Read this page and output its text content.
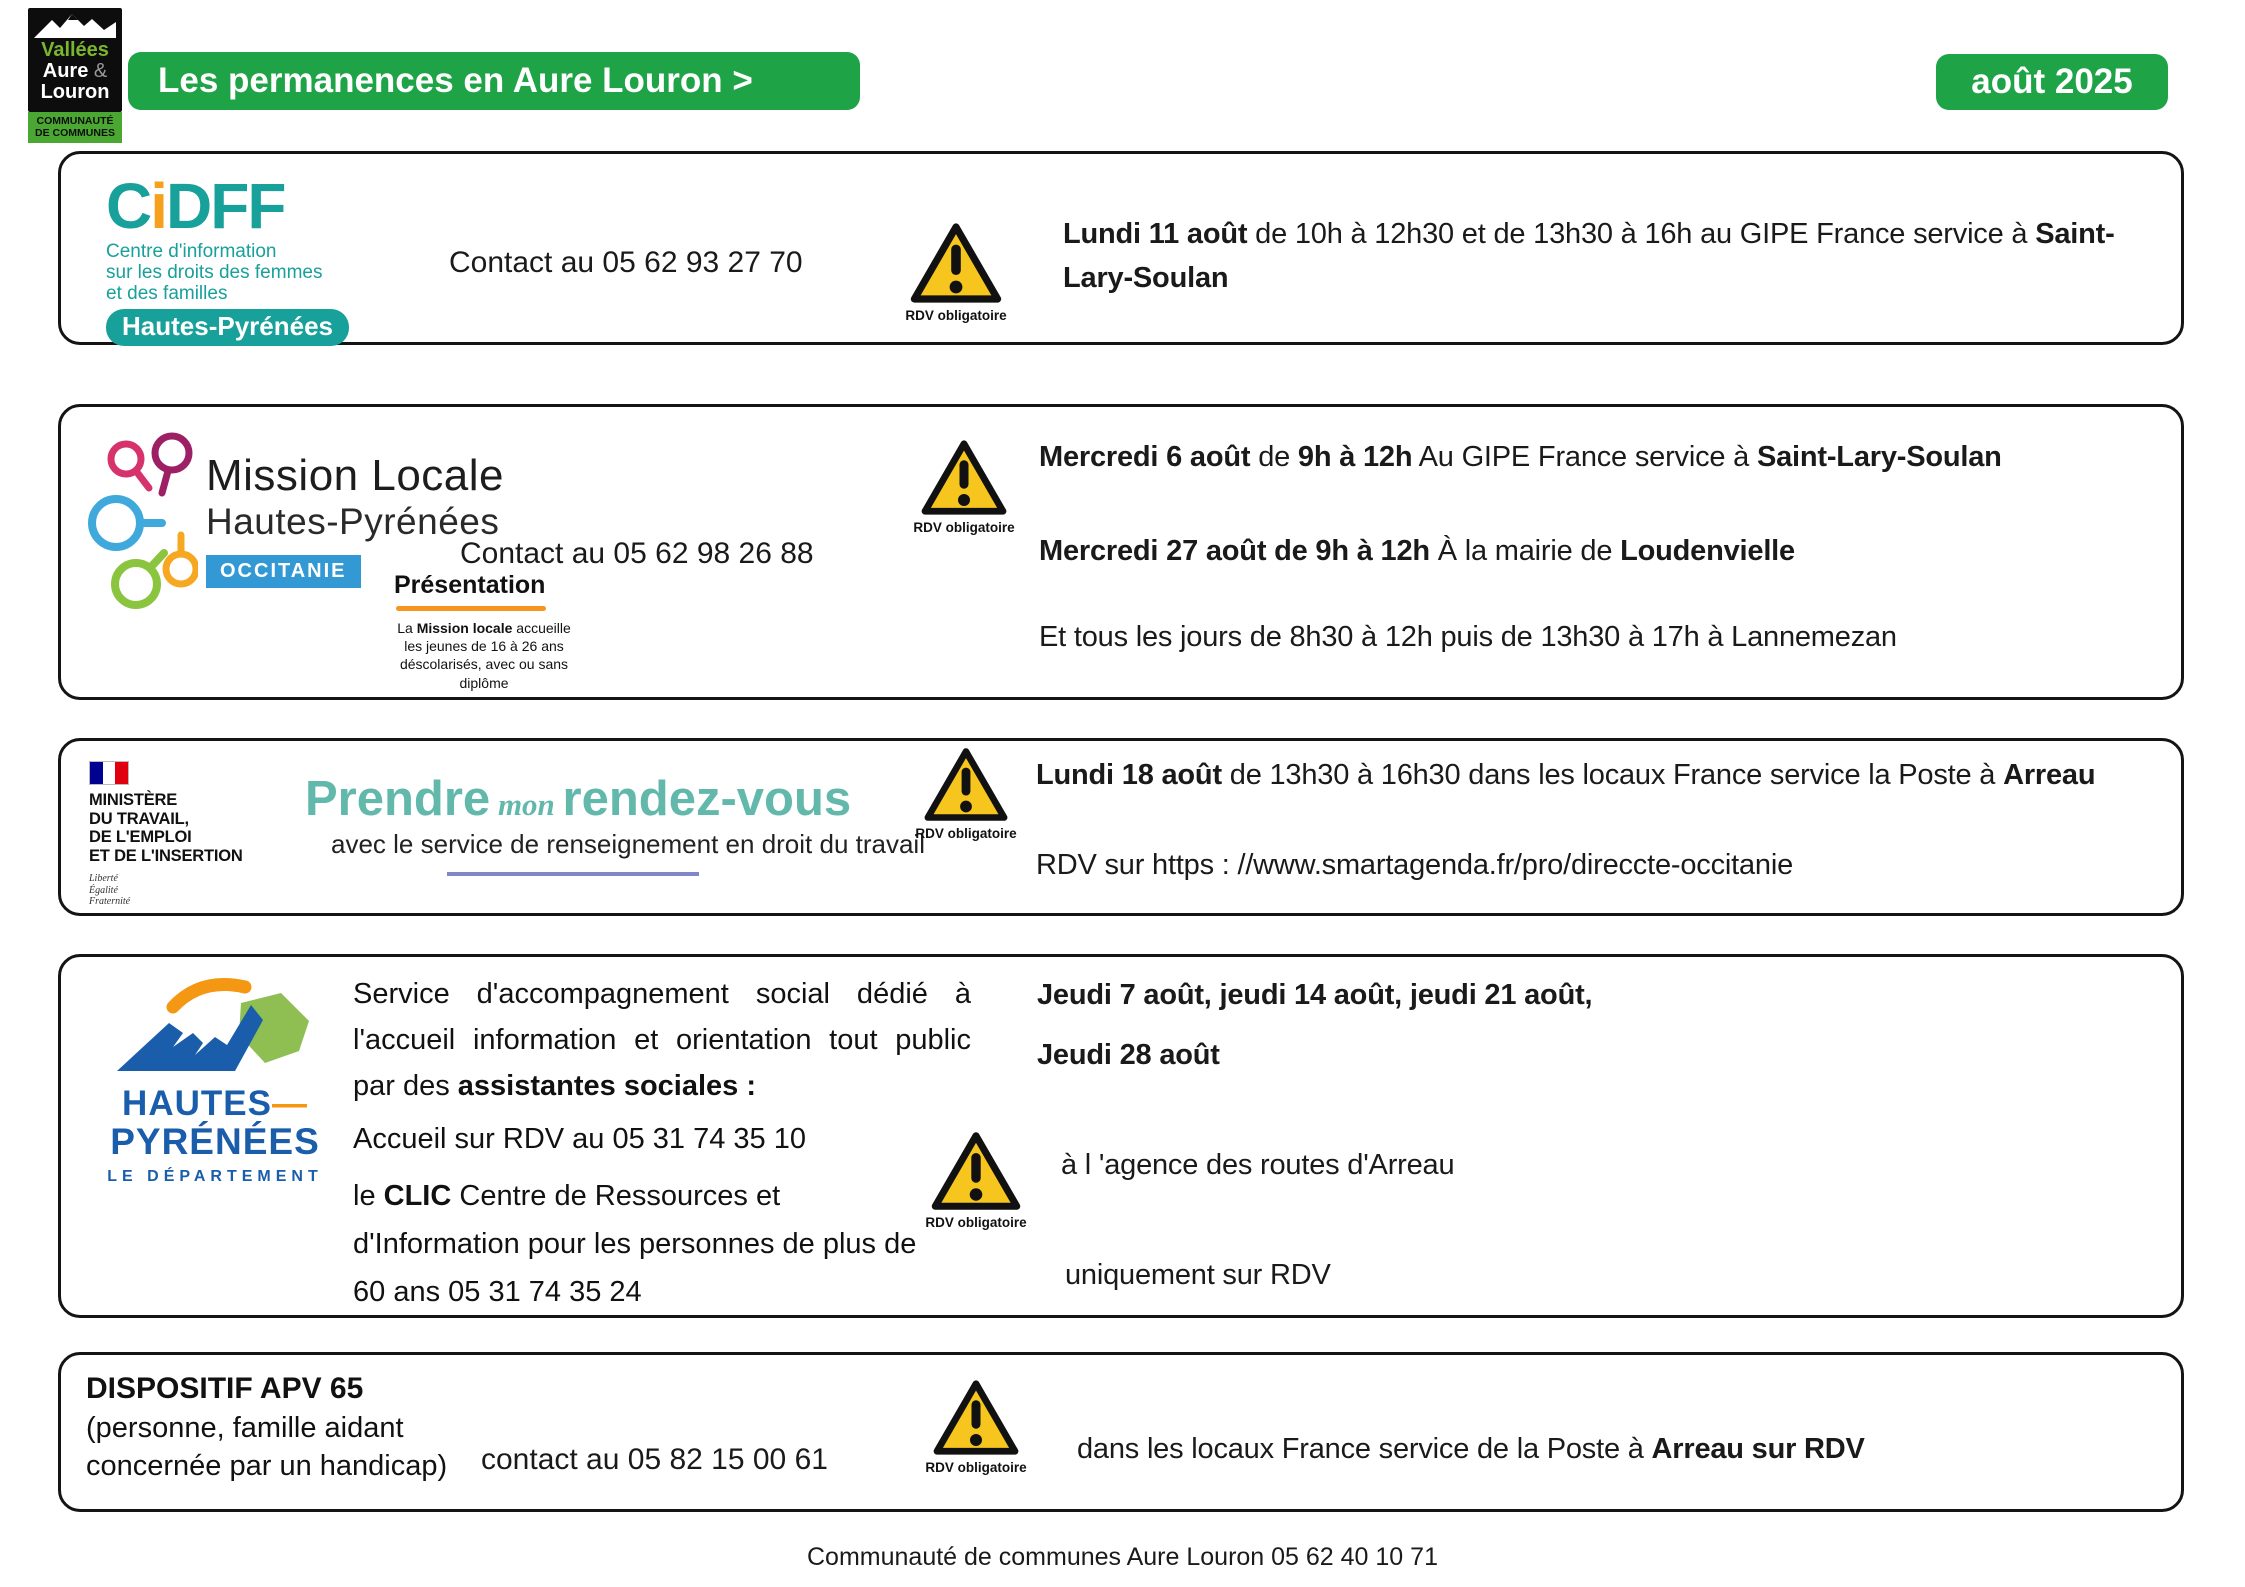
Vallées
Aure &
Louron
COMMUNAUTÉ
DE COMMUNES
Les permanences en Aure Louron >	août 2025
CiDFF
Centre d'information
sur les droits des femmes
et des familles
Hautes-Pyrénées
Contact au 05 62 93 27 70
RDV obligatoire
Lundi 11 août de 10h à 12h30 et de 13h30 à 16h au GIPE France service à Saint-Lary-Soulan
Mission Locale
Hautes-Pyrénées
OCCITANIE
Contact au 05 62 98 26 88
Présentation
La Mission locale accueille les jeunes de 16 à 26 ans déscolarisés, avec ou sans diplôme
RDV obligatoire
Mercredi 6 août de 9h à 12h Au GIPE France service à Saint-Lary-Soulan
Mercredi 27 août de 9h à 12h À la mairie de Loudenvielle
Et tous les jours de 8h30 à 12h puis de 13h30 à 17h à Lannemezan
MINISTÈRE
DU TRAVAIL,
DE L'EMPLOI
ET DE L'INSERTION
Liberté
Égalité
Fraternité
Prendre mon rendez-vous
avec le service de renseignement en droit du travail
RDV obligatoire
Lundi 18 août de 13h30 à 16h30 dans les locaux France service la Poste à Arreau
RDV sur https : //www.smartagenda.fr/pro/direccte-occitanie
HAUTES—
PYRÉNÉES
LE DÉPARTEMENT
Service d'accompagnement social dédié à l'accueil information et orientation tout public par des assistantes sociales :
Accueil sur RDV au 05 31 74 35 10
le CLIC Centre de Ressources et d'Information pour les personnes de plus de 60 ans 05 31 74 35 24
RDV obligatoire
Jeudi 7 août, jeudi 14 août, jeudi 21 août,
Jeudi 28 août
à l 'agence des routes d'Arreau
uniquement sur RDV
DISPOSITIF APV 65
(personne, famille aidant
concernée par un handicap) contact au 05 82 15 00 61	RDV obligatoire
dans les locaux France service de la Poste à Arreau sur RDV
Communauté de communes Aure Louron 05 62 40 10 71
